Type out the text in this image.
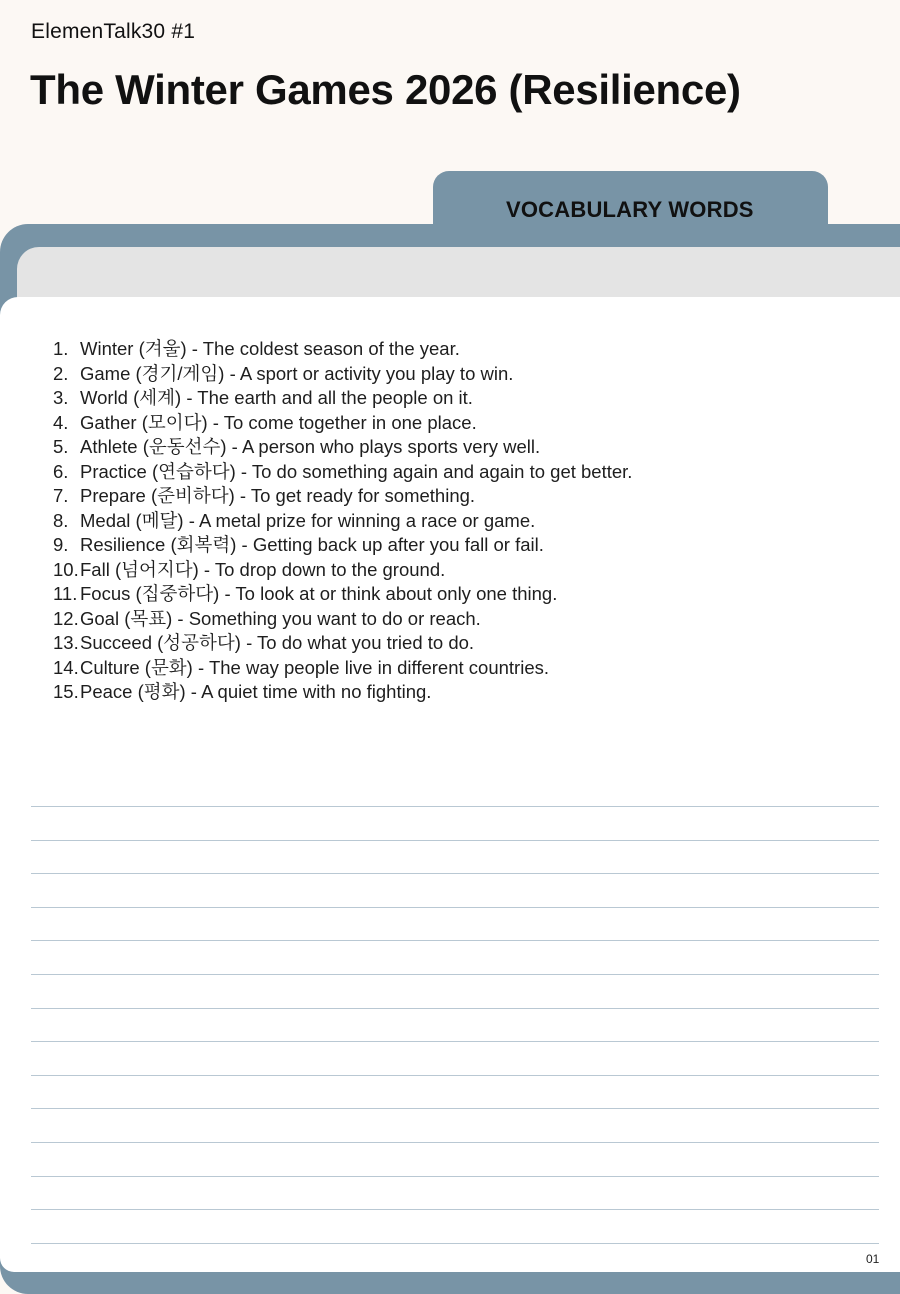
ElemenTalk30 #1
The Winter Games 2026 (Resilience)
VOCABULARY WORDS
1. Winter (겨울) - The coldest season of the year.
2. Game (경기/게임) - A sport or activity you play to win.
3. World (세계) - The earth and all the people on it.
4. Gather (모이다) - To come together in one place.
5. Athlete (운동선수) - A person who plays sports very well.
6. Practice (연습하다) - To do something again and again to get better.
7. Prepare (준비하다) - To get ready for something.
8. Medal (메달) - A metal prize for winning a race or game.
9. Resilience (회복력) - Getting back up after you fall or fail.
10.Fall (넘어지다) - To drop down to the ground.
11. Focus (집중하다) - To look at or think about only one thing.
12.Goal (목표) - Something you want to do or reach.
13.Succeed (성공하다) - To do what you tried to do.
14.Culture (문화) - The way people live in different countries.
15.Peace (평화) - A quiet time with no fighting.
01
